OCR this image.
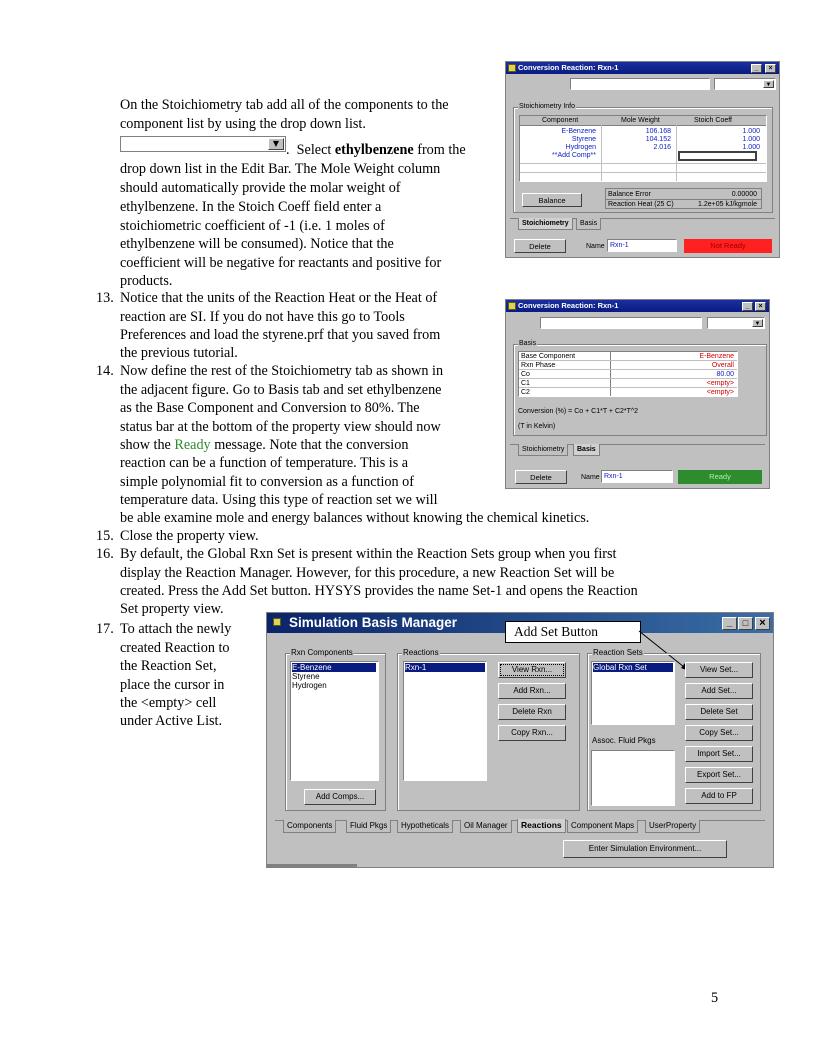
On the Stoichiometry tab add all of the components to the
component list by using the drop down list.
▼ .  Select ethylbenzene from the
drop down list in the Edit Bar. The Mole Weight column
should automatically provide the molar weight of
ethylbenzene. In the Stoich Coeff field enter a
stoichiometric coefficient of -1 (i.e. 1 moles of
ethylbenzene will be consumed). Notice that the
coefficient will be negative for reactants and positive for
products.
13. Notice that the units of the Reaction Heat or the Heat of
reaction are SI. If you do not have this go to Tools
Preferences and load the styrene.prf that you saved from
the previous tutorial.
14. Now define the rest of the Stoichiometry tab as shown in
the adjacent figure. Go to Basis tab and set ethylbenzene
as the Base Component and Conversion to 80%. The
status bar at the bottom of the property view should now
show the Ready message. Note that the conversion
reaction can be a function of temperature. This is a
simple polynomial fit to conversion as a function of
temperature data. Using this type of reaction set we will
be able examine mole and energy balances without knowing the chemical kinetics.
15. Close the property view.
16. By default, the Global Rxn Set is present within the Reaction Sets group when you first
display the Reaction Manager. However, for this procedure, a new Reaction Set will be
created. Press the Add Set button. HYSYS provides the name Set-1 and opens the Reaction
Set property view.
17. To attach the newly
created Reaction to
the Reaction Set,
place the cursor in
the <empty> cell
under Active List.
5
Conversion Reaction: Rxn-1	_	×
▼
Stoichiometry Info
Component	Mole Weight	Stoich Coeff
E-Benzene	106.168	1.000
Styrene	104.152	1.000
Hydrogen	2.016	1.000
**Add Comp**
Balance
Balance Error	0.00000
Reaction Heat (25 C)	1.2e+05 kJ/kgmole
Stoichiometry	Basis
Delete	Name Rxn-1	Not Ready
Conversion Reaction: Rxn-1	_	×
▼
Basis
Base Component	E-Benzene
Rxn Phase	Overall
Co	80.00
C1	<empty>
C2	<empty>
Conversion (%) = Co + C1*T + C2*T^2
(T in Kelvin)
Stoichiometry	Basis
Delete	Name Rxn-1	Ready
Simulation Basis Manager	_	□	×
Add Set Button
Rxn Components
E-Benzene
Styrene
Hydrogen
Add Comps...
Reactions
Rxn-1	View Rxn...
Add Rxn...
Delete Rxn
Copy Rxn...
Reaction Sets
Global Rxn Set
Assoc. Fluid Pkgs
View Set...
Add Set...
Delete Set
Copy Set...
Import Set...
Export Set...
Add to FP
Components	Fluid Pkgs	Hypotheticals	Oil Manager	Reactions	Component Maps	UserProperty
Enter Simulation Environment...
